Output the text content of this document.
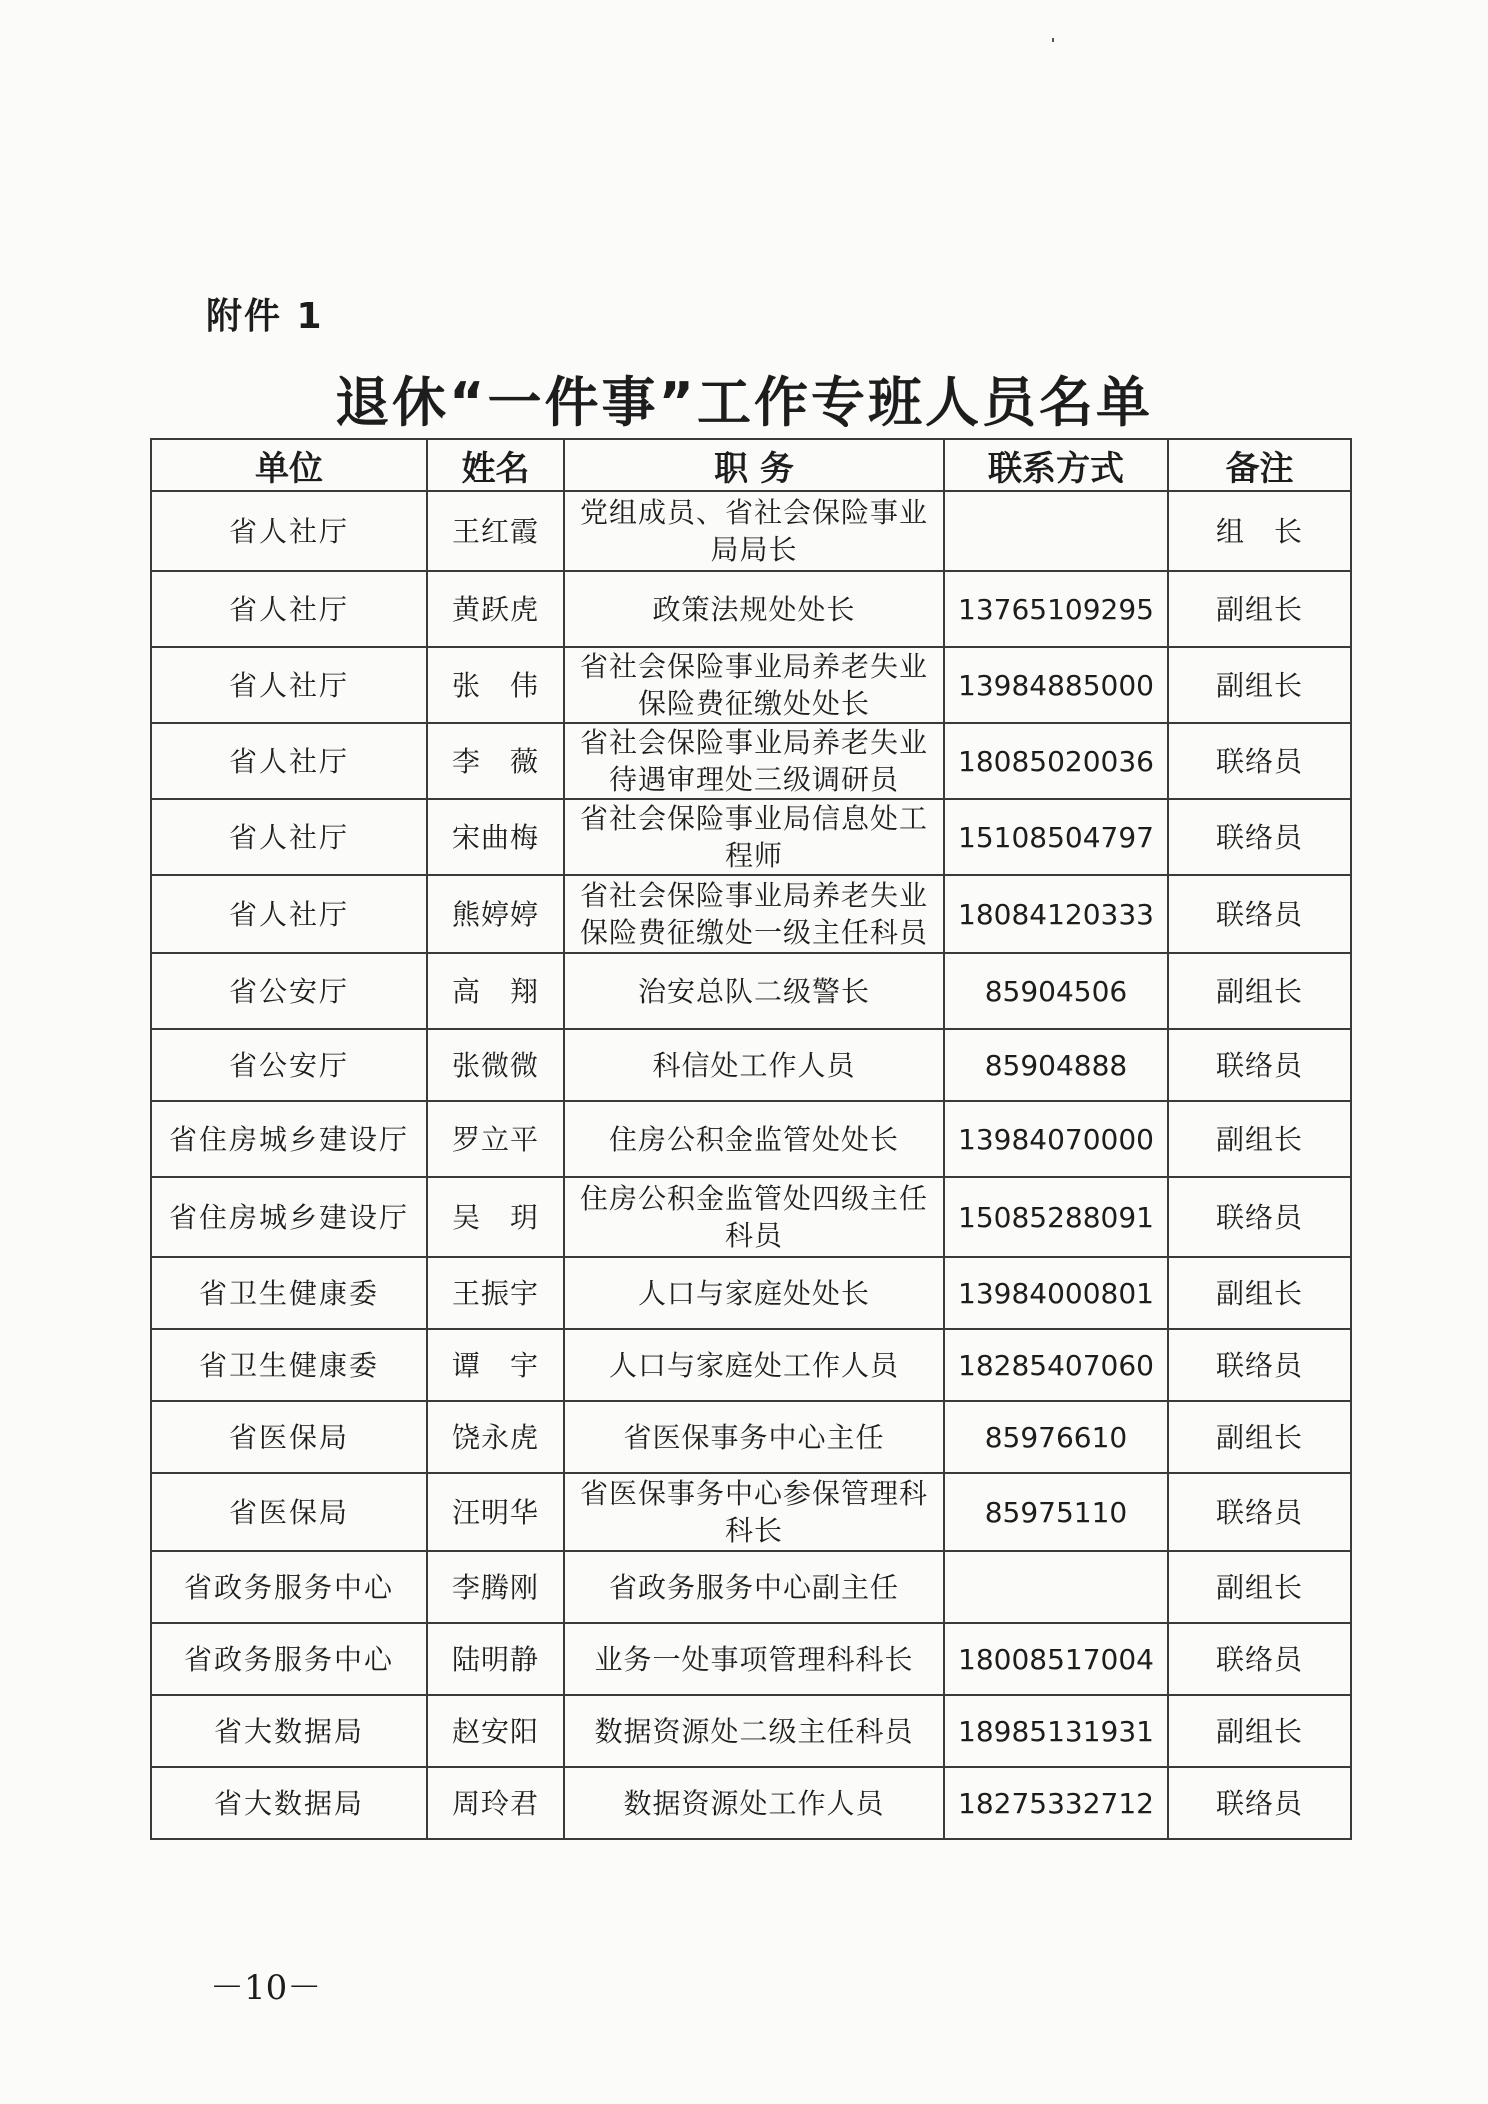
附件 1
退休“一件事”工作专班人员名单
单位	姓名	职 务	联系方式	备注
省人社厅	王红霞	党组成员、省社会保险事业局局长		组　长
省人社厅	黄跃虎	政策法规处处长	13765109295	副组长
省人社厅	张　伟	省社会保险事业局养老失业保险费征缴处处长	13984885000	副组长
省人社厅	李　薇	省社会保险事业局养老失业待遇审理处三级调研员	18085020036	联络员
省人社厅	宋曲梅	省社会保险事业局信息处工程师	15108504797	联络员
省人社厅	熊婷婷	省社会保险事业局养老失业保险费征缴处一级主任科员	18084120333	联络员
省公安厅	高　翔	治安总队二级警长	85904506	副组长
省公安厅	张微微	科信处工作人员	85904888	联络员
省住房城乡建设厅	罗立平	住房公积金监管处处长	13984070000	副组长
省住房城乡建设厅	吴　玥	住房公积金监管处四级主任科员	15085288091	联络员
省卫生健康委	王振宇	人口与家庭处处长	13984000801	副组长
省卫生健康委	谭　宇	人口与家庭处工作人员	18285407060	联络员
省医保局	饶永虎	省医保事务中心主任	85976610	副组长
省医保局	汪明华	省医保事务中心参保管理科科长	85975110	联络员
省政务服务中心	李腾刚	省政务服务中心副主任		副组长
省政务服务中心	陆明静	业务一处事项管理科科长	18008517004	联络员
省大数据局	赵安阳	数据资源处二级主任科员	18985131931	副组长
省大数据局	周玲君	数据资源处工作人员	18275332712	联络员
－10－
